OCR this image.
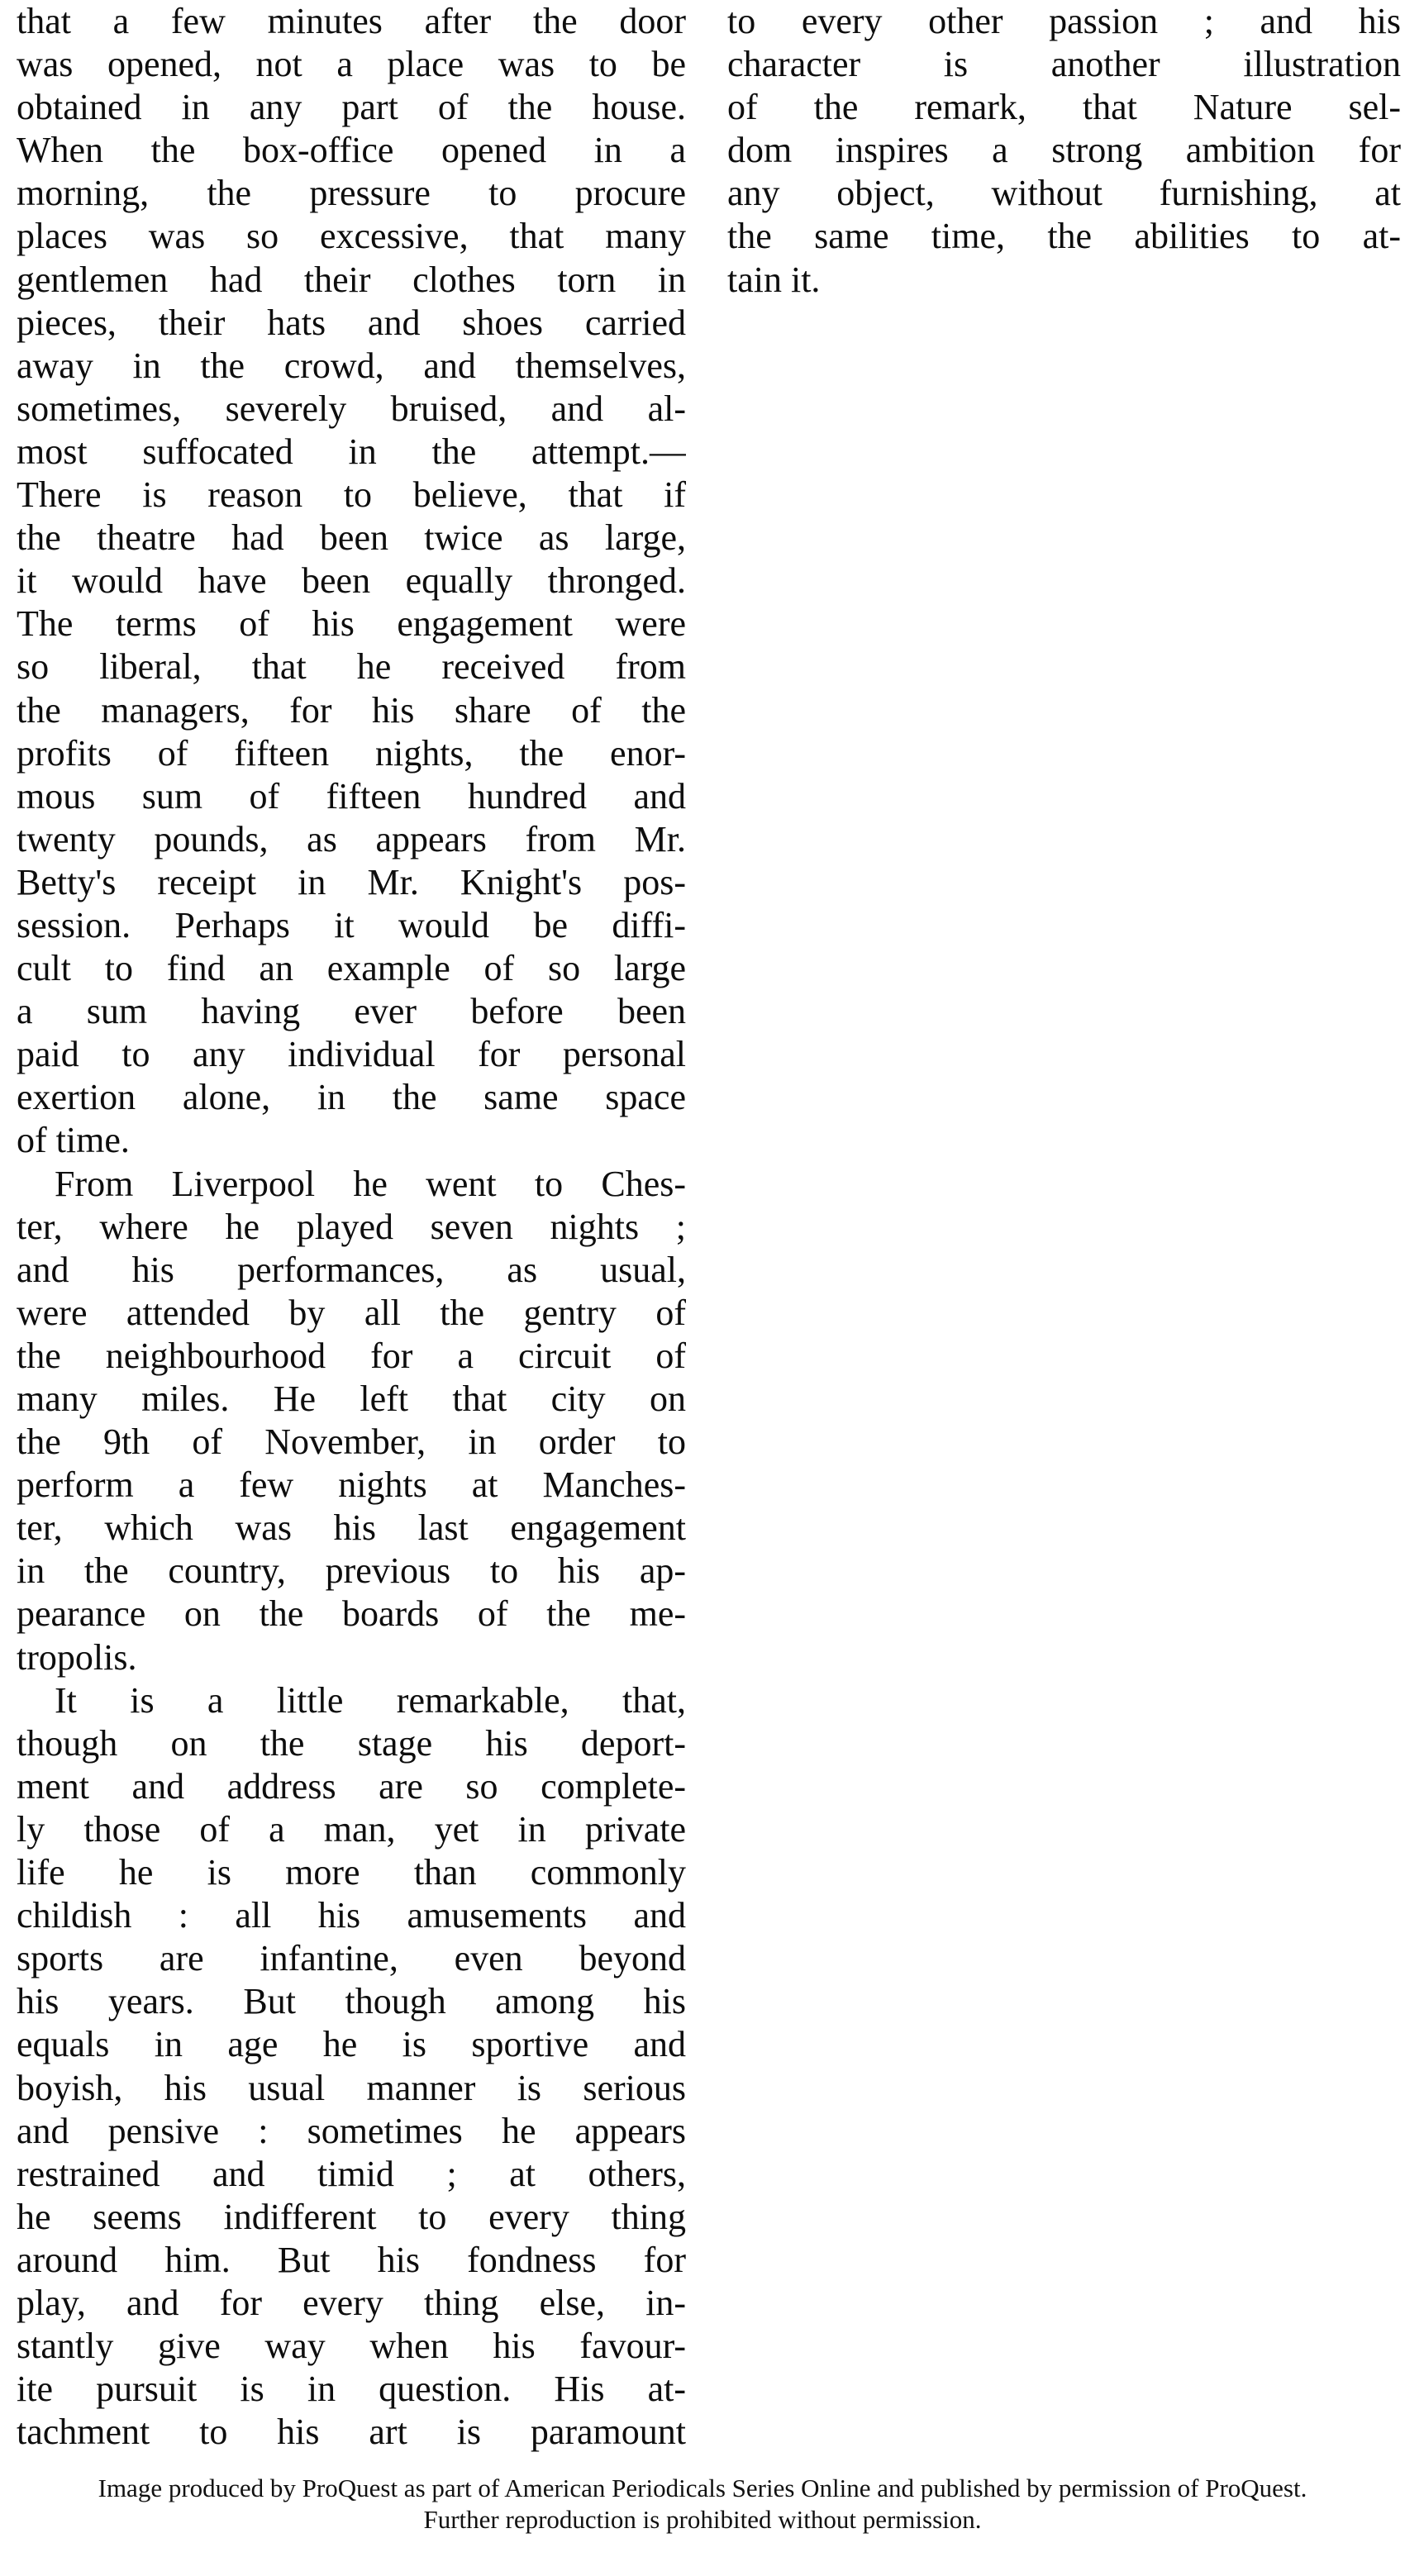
that a few minutes after the door
was opened, not a place was to be
obtained in any part of the house.
When the box-office opened in a
morning, the pressure to procure
places was so excessive, that many
gentlemen had their clothes torn in
pieces, their hats and shoes carried
away in the crowd, and themselves,
sometimes, severely bruised, and al-
most suffocated in the attempt.—
There is reason to believe, that if
the theatre had been twice as large,
it would have been equally thronged.
The terms of his engagement were
so liberal, that he received from
the managers, for his share of the
profits of fifteen nights, the enor-
mous sum of fifteen hundred and
twenty pounds, as appears from Mr.
Betty's receipt in Mr. Knight's pos-
session. Perhaps it would be diffi-
cult to find an example of so large
a sum having ever before been
paid to any individual for personal
exertion alone, in the same space
of time.
From Liverpool he went to Ches-
ter, where he played seven nights ;
and his performances, as usual,
were attended by all the gentry of
the neighbourhood for a circuit of
many miles. He left that city on
the 9th of November, in order to
perform a few nights at Manches-
ter, which was his last engagement
in the country, previous to his ap-
pearance on the boards of the me-
tropolis.
It is a little remarkable, that,
though on the stage his deport-
ment and address are so complete-
ly those of a man, yet in private
life he is more than commonly
childish : all his amusements and
sports are infantine, even beyond
his years. But though among his
equals in age he is sportive and
boyish, his usual manner is serious
and pensive : sometimes he appears
restrained and timid ; at others,
he seems indifferent to every thing
around him. But his fondness for
play, and for every thing else, in-
stantly give way when his favour-
ite pursuit is in question. His at-
tachment to his art is paramount
to every other passion ; and his
character is another illustration
of the remark, that Nature sel-
dom inspires a strong ambition for
any object, without furnishing, at
the same time, the abilities to at-
tain it.
Image produced by ProQuest as part of American Periodicals Series Online and published by permission of ProQuest.
Further reproduction is prohibited without permission.
